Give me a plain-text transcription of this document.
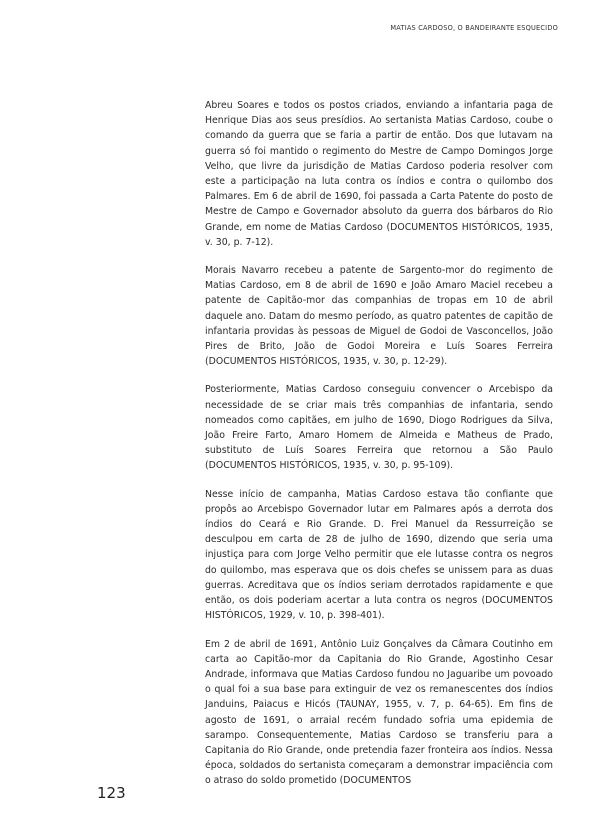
MATIAS CARDOSO, O BANDEIRANTE ESQUECIDO

Abreu Soares e todos os postos criados, enviando a infantaria paga de Henrique Dias aos seus presídios. Ao sertanista Matias Cardoso, coube o comando da guerra que se faria a partir de então. Dos que lutavam na guerra só foi mantido o regimento do Mestre de Campo Domingos Jorge Velho, que livre da jurisdição de Matias Cardoso poderia resolver com este a participação na luta contra os índios e contra o quilombo dos Palmares. Em 6 de abril de 1690, foi passada a Carta Patente do posto de Mestre de Campo e Governador absoluto da guerra dos bárbaros do Rio Grande, em nome de Matias Cardoso (DOCUMENTOS HISTÓRICOS, 1935, v. 30, p. 7-12).

Morais Navarro recebeu a patente de Sargento-mor do regimento de Matias Cardoso, em 8 de abril de 1690 e João Amaro Maciel recebeu a patente de Capitão-mor das companhias de tropas em 10 de abril daquele ano. Datam do mesmo período, as quatro patentes de capitão de infantaria providas às pessoas de Miguel de Godoi de Vasconcellos, João Pires de Brito, João de Godoi Moreira e Luís Soares Ferreira (DOCUMENTOS HISTÓRICOS, 1935, v. 30, p. 12-29).

Posteriormente, Matias Cardoso conseguiu convencer o Arcebispo da necessidade de se criar mais três companhias de infantaria, sendo nomeados como capitães, em julho de 1690, Diogo Rodrigues da Silva, João Freire Farto, Amaro Homem de Almeida e Matheus de Prado, substituto de Luís Soares Ferreira que retornou a São Paulo (DOCUMENTOS HISTÓRICOS, 1935, v. 30, p. 95-109).

Nesse início de campanha, Matias Cardoso estava tão confiante que propôs ao Arcebispo Governador lutar em Palmares após a derrota dos índios do Ceará e Rio Grande. D. Frei Manuel da Ressurreição se desculpou em carta de 28 de julho de 1690, dizendo que seria uma injustiça para com Jorge Velho permitir que ele lutasse contra os negros do quilombo, mas esperava que os dois chefes se unissem para as duas guerras. Acreditava que os índios seriam derrotados rapidamente e que então, os dois poderiam acertar a luta contra os negros (DOCUMENTOS HISTÓRICOS, 1929, v. 10, p. 398-401).

Em 2 de abril de 1691, Antônio Luiz Gonçalves da Câmara Coutinho em carta ao Capitão-mor da Capitania do Rio Grande, Agostinho Cesar Andrade, informava que Matias Cardoso fundou no Jaguaribe um povoado o qual foi a sua base para extinguir de vez os remanescentes dos índios Janduins, Paiacus e Hicós (TAUNAY, 1955, v. 7, p. 64-65). Em fins de agosto de 1691, o arraial recém fundado sofria uma epidemia de sarampo. Consequentemente, Matias Cardoso se transferiu para a Capitania do Rio Grande, onde pretendia fazer fronteira aos índios. Nessa época, soldados do sertanista começaram a demonstrar impaciência com o atraso do soldo prometido (DOCUMENTOS

123
